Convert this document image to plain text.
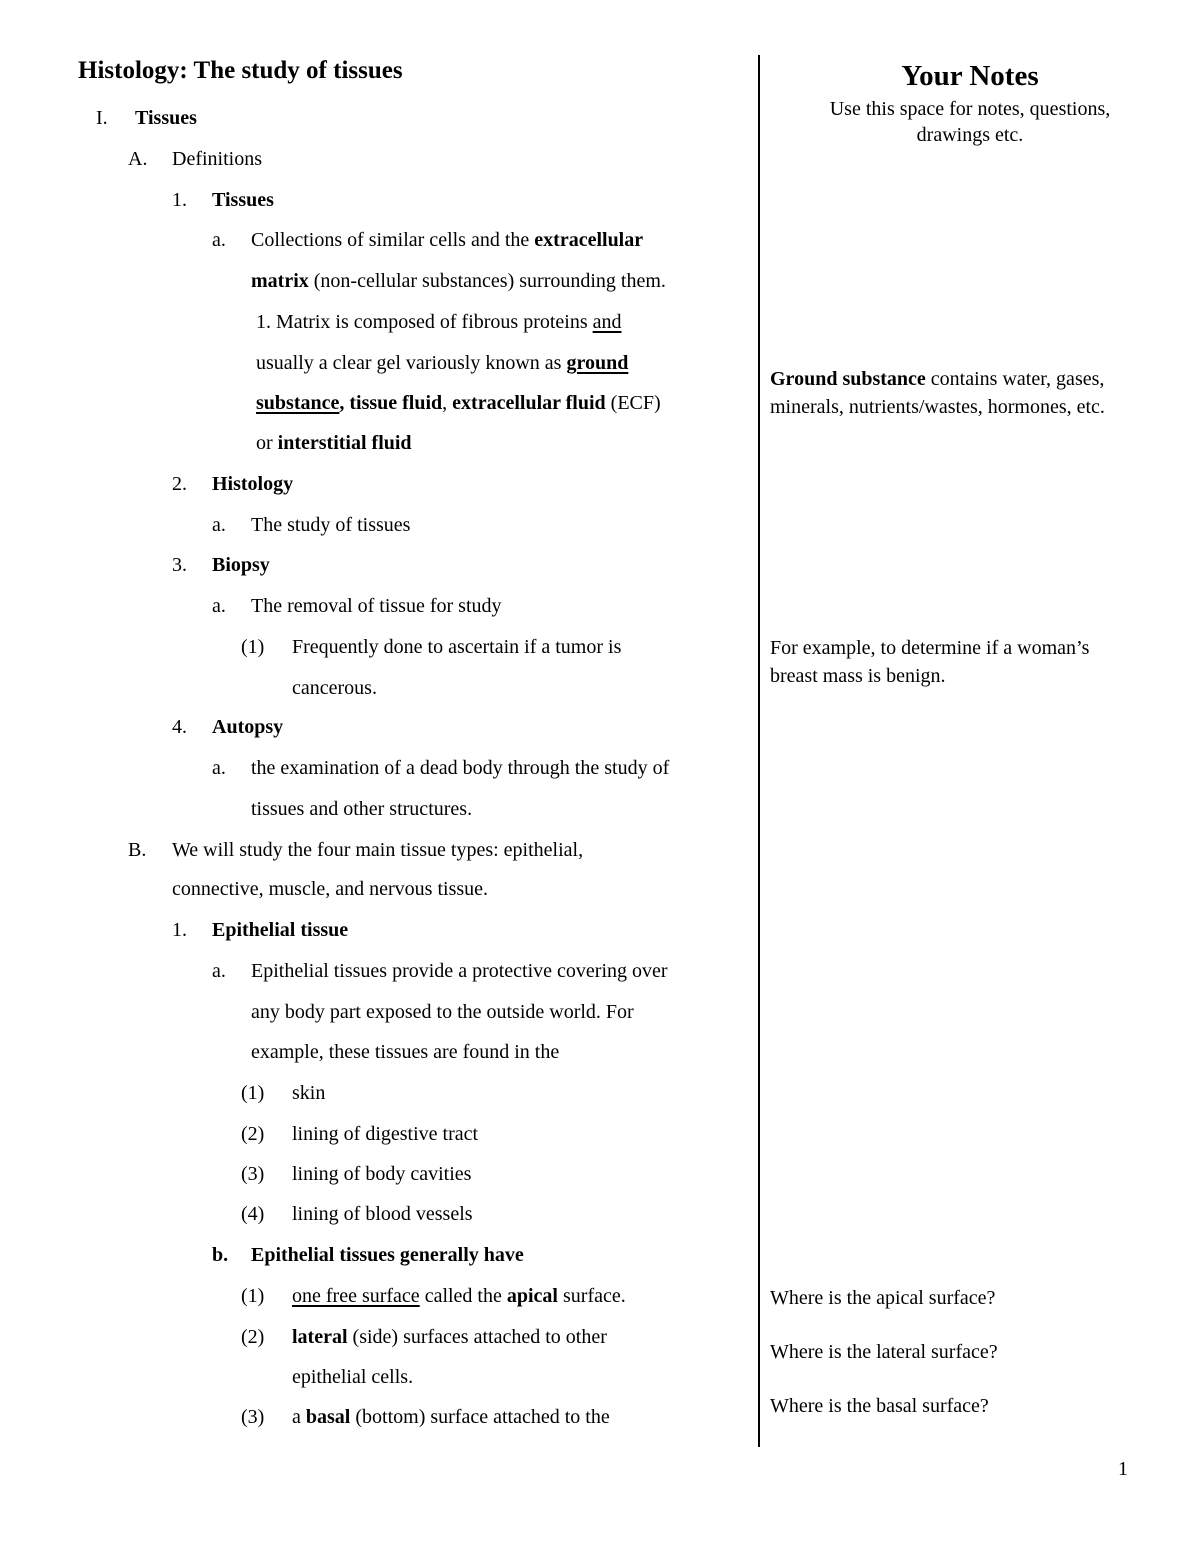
Histology: The study of tissues
I. Tissues
A. Definitions
1. Tissues
a. Collections of similar cells and the extracellular
matrix (non-cellular substances) surrounding them.
1. Matrix is composed of fibrous proteins and
usually a clear gel variously known as ground
substance, tissue fluid, extracellular fluid (ECF)
or interstitial fluid
2. Histology
a. The study of tissues
3. Biopsy
a. The removal of tissue for study
(1) Frequently done to ascertain if a tumor is
cancerous.
4. Autopsy
a. the examination of a dead body through the study of
tissues and other structures.
B. We will study the four main tissue types: epithelial,
connective, muscle, and nervous tissue.
1. Epithelial tissue
a. Epithelial tissues provide a protective covering over
any body part exposed to the outside world. For
example, these tissues are found in the
(1) skin
(2) lining of digestive tract
(3) lining of body cavities
(4) lining of blood vessels
b. Epithelial tissues generally have
(1) one free surface called the apical surface.
(2) lateral (side) surfaces attached to other
epithelial cells.
(3) a basal (bottom) surface attached to the
Your Notes
Use this space for notes, questions,
drawings etc.
Ground substance contains water, gases,
minerals, nutrients/wastes, hormones, etc.
For example, to determine if a woman’s
breast mass is benign.
Where is the apical surface?
Where is the lateral surface?
Where is the basal surface?
1
